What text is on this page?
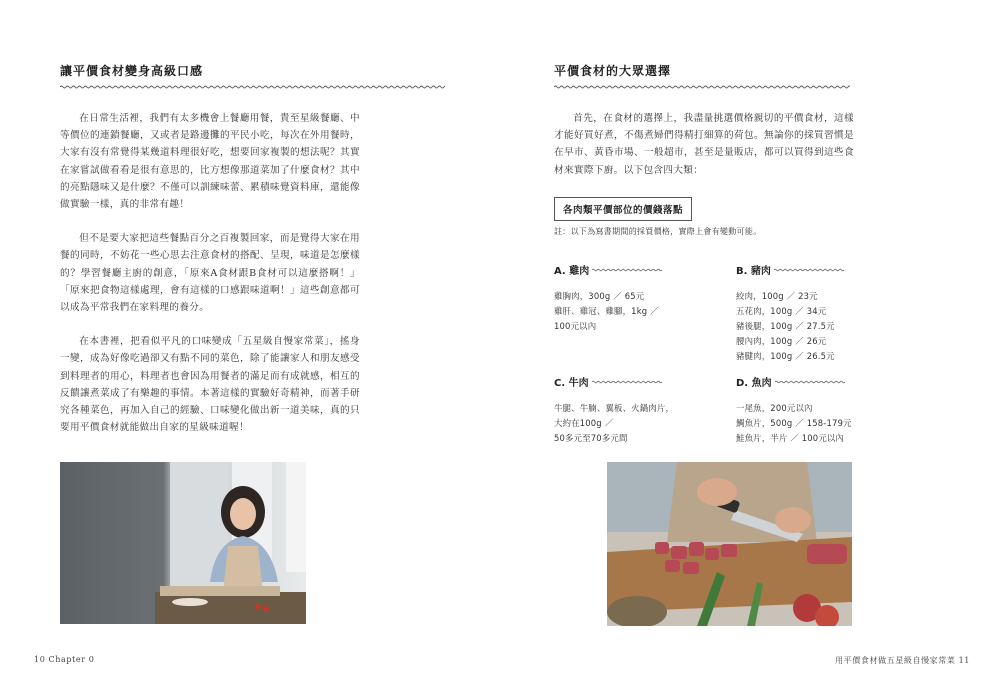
讓平價食材變身高級口感

在日常生活裡，我們有太多機會上餐廳用餐，貴至星級餐廳、中等價位的連鎖餐廳，又或者是路邊攤的平民小吃，每次在外用餐時，大家有沒有常覺得某幾道料理很好吃，想要回家複製的想法呢？其實在家嘗試做看看是很有意思的，比方想像那道菜加了什麼食材？其中的亮點隱味又是什麼？不僅可以訓練味蕾、累積味覺資料庫，還能像做實驗一樣，真的非常有趣！

但不是要大家把這些餐點百分之百複製回家，而是覺得大家在用餐的同時，不妨花一些心思去注意食材的搭配、呈現，味道是怎麼樣的？學習餐廳主廚的創意，「原來A食材跟B食材可以這麼搭啊！」「原來把食物這樣處理，會有這樣的口感跟味道啊！」這些創意都可以成為平常我們在家料理的養分。

在本書裡，把看似平凡的口味變成「五星級自慢家常菜」，搖身一變，成為好像吃過卻又有點不同的菜色，除了能讓家人和朋友感受到料理者的用心，料理者也會因為用餐者的滿足而有成就感，相互的反饋讓煮菜成了有樂趣的事情。本著這樣的實驗好奇精神，而著手研究各種菜色，再加入自己的經驗、口味變化做出新一道美味，真的只要用平價食材就能做出自家的星級味道喔！

10 Chapter 0
平價食材的大眾選擇

首先，在食材的選擇上，我盡量挑選價格親切的平價食材，這樣才能好買好煮，不傷煮婦們得精打細算的荷包。無論你的採買習慣是在早市、黃昏市場、一般超市，甚至是量販店，都可以買得到這些食材來實際下廚。以下包含四大類：

各肉類平價部位的價錢落點
註：以下為寫書期間的採買價格，實際上會有變動可能。
A. 雞肉
雞胸肉，300g ／ 65元
雞肝、雞冠、雞腳，1kg ／
100元以內
B. 豬肉
絞肉，100g ／ 23元
五花肉，100g ／ 34元
豬後腿，100g ／ 27.5元
腰內肉，100g ／ 26元
豬腱肉，100g ／ 26.5元
C. 牛肉
牛腿、牛腩、翼板、火鍋肉片，
大約在100g ／
50多元至70多元間
D. 魚肉
一尾魚，200元以內
鯛魚片，500g ／ 158-179元
鮭魚片，半片 ／ 100元以內
用平價食材做五星級自慢家常菜 11
